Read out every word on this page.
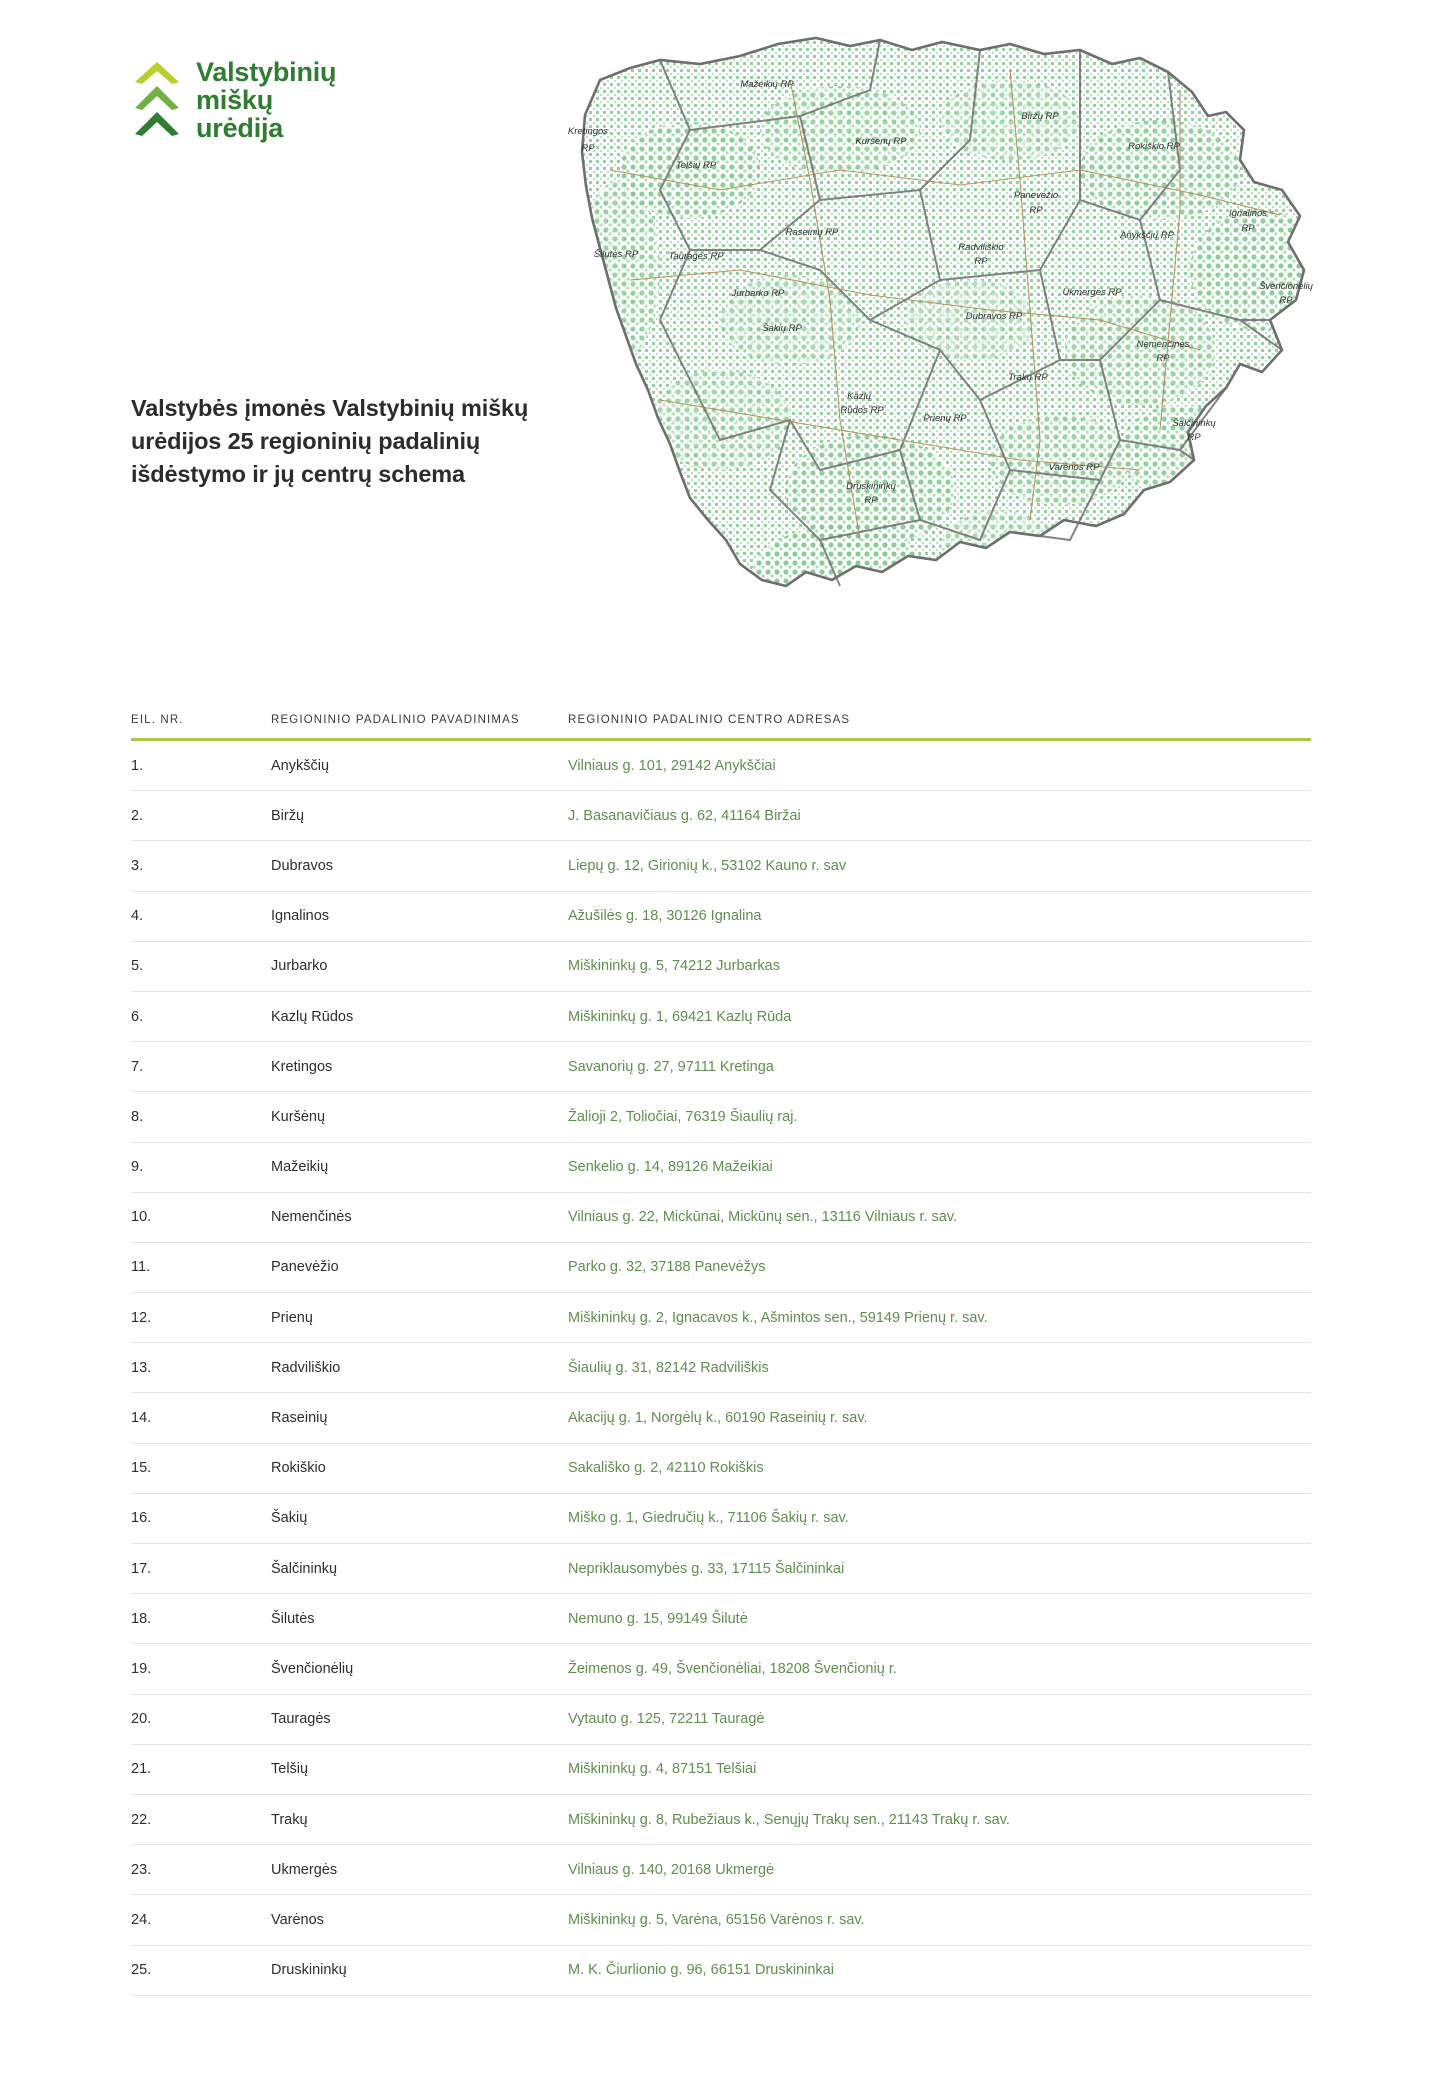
Valstybinių
miškų
urėdija
Valstybės įmonės Valstybinių miškų urėdijos 25 regioninių padalinių išdėstymo ir jų centrų schema
Mažeikių RP
Biržų RP
Kretingos
RP
Kuršėnų RP	Rokiškio RP
Telšių RP
Panevėžio
RP	Ignalinos
RP
Raseinių RP	Anykščių RP
Radviliškio
RP
Šilutės RP	Tauragės RP
Švenčionėlių
RP
Jurbarko RP	Ukmergės RP
Dubravos RP
Šakių RP
Nemenčinės
RP
Trakų RP
Kazlų
Rūdos RP
Prienų RP	Šalčininkų
RP
Varėnos RP
Druskininkų
RP
EIL. NR.	REGIONINIO PADALINIO PAVADINIMAS	REGIONINIO PADALINIO CENTRO ADRESAS
1.	Anykščių	Vilniaus g. 101, 29142 Anykščiai
2.	Biržų	J. Basanavičiaus g. 62, 41164 Biržai
3.	Dubravos	Liepų g. 12, Girionių k., 53102 Kauno r. sav
4.	Ignalinos	Ažušilės g. 18, 30126 Ignalina
5.	Jurbarko	Miškininkų g. 5, 74212 Jurbarkas
6.	Kazlų Rūdos	Miškininkų g. 1, 69421 Kazlų Rūda
7.	Kretingos	Savanorių g. 27, 97111 Kretinga
8.	Kuršėnų	Žalioji 2, Toliočiai, 76319 Šiaulių raj.
9.	Mažeikių	Senkelio g. 14, 89126 Mažeikiai
10.	Nemenčinės	Vilniaus g. 22, Mickūnai, Mickūnų sen., 13116 Vilniaus r. sav.
11.	Panevėžio	Parko g. 32, 37188 Panevėžys
12.	Prienų	Miškininkų g. 2, Ignacavos k., Ašmintos sen., 59149 Prienų r. sav.
13.	Radviliškio	Šiaulių g. 31, 82142 Radviliškis
14.	Raseinių	Akacijų g. 1, Norgėlų k., 60190 Raseinių r. sav.
15.	Rokiškio	Sakališko g. 2, 42110 Rokiškis
16.	Šakių	Miško g. 1, Giedručių k., 71106 Šakių r. sav.
17.	Šalčininkų	Nepriklausomybės g. 33, 17115 Šalčininkai
18.	Šilutės	Nemuno g. 15, 99149 Šilutė
19.	Švenčionėlių	Žeimenos g. 49, Švenčionėliai, 18208 Švenčionių r.
20.	Tauragės	Vytauto g. 125, 72211 Tauragė
21.	Telšių	Miškininkų g. 4, 87151 Telšiai
22.	Trakų	Miškininkų g. 8, Rubežiaus k., Senųjų Trakų sen., 21143 Trakų r. sav.
23.	Ukmergės	Vilniaus g. 140, 20168 Ukmergė
24.	Varėnos	Miškininkų g. 5, Varėna, 65156 Varėnos r. sav.
25.	Druskininkų	M. K. Čiurlionio g. 96, 66151 Druskininkai
